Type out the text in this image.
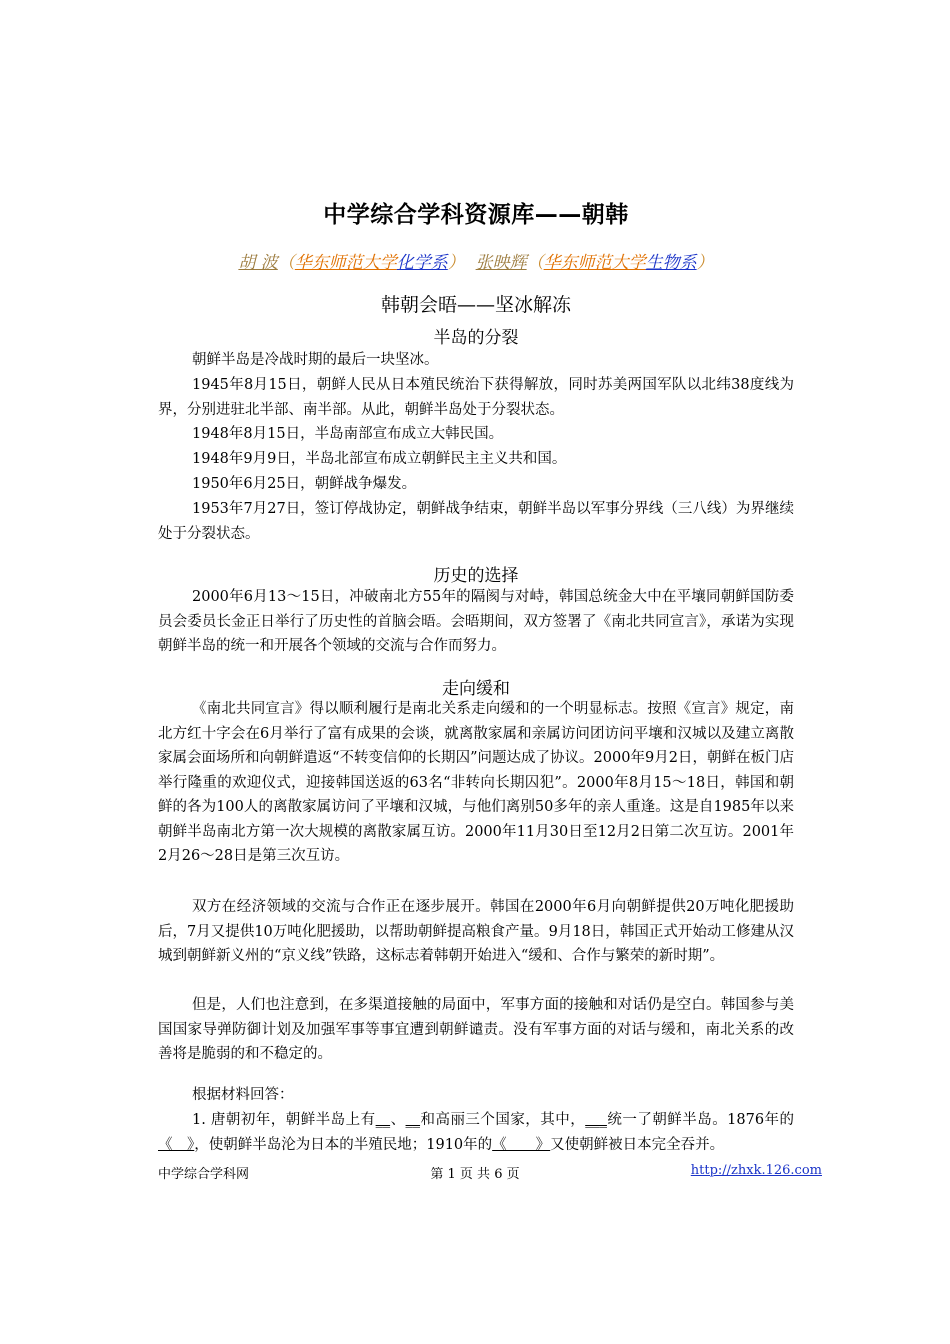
中学综合学科资源库——朝韩
胡 波（华东师范大学化学系） 张映辉（华东师范大学生物系）
韩朝会晤——坚冰解冻
半岛的分裂
朝鲜半岛是冷战时期的最后一块坚冰。
1945年8月15日，朝鲜人民从日本殖民统治下获得解放，同时苏美两国军队以北纬38度线为界，分别进驻北半部、南半部。从此，朝鲜半岛处于分裂状态。
1948年8月15日，半岛南部宣布成立大韩民国。
1948年9月9日，半岛北部宣布成立朝鲜民主主义共和国。
1950年6月25日，朝鲜战争爆发。
1953年7月27日，签订停战协定，朝鲜战争结束，朝鲜半岛以军事分界线（三八线）为界继续处于分裂状态。
历史的选择
2000年6月13～15日，冲破南北方55年的隔阂与对峙，韩国总统金大中在平壤同朝鲜国防委员会委员长金正日举行了历史性的首脑会晤。会晤期间，双方签署了《南北共同宣言》，承诺为实现朝鲜半岛的统一和开展各个领域的交流与合作而努力。
走向缓和
《南北共同宣言》得以顺利履行是南北关系走向缓和的一个明显标志。按照《宣言》规定，南北方红十字会在6月举行了富有成果的会谈，就离散家属和亲属访问团访问平壤和汉城以及建立离散家属会面场所和向朝鲜遣返“不转变信仰的长期囚”问题达成了协议。2000年9月2日，朝鲜在板门店举行隆重的欢迎仪式，迎接韩国送返的63名“非转向长期囚犯”。2000年8月15～18日，韩国和朝鲜的各为100人的离散家属访问了平壤和汉城，与他们离别50多年的亲人重逢。这是自1985年以来朝鲜半岛南北方第一次大规模的离散家属互访。2000年11月30日至12月2日第二次互访。2001年2月26～28日是第三次互访。
双方在经济领域的交流与合作正在逐步展开。韩国在2000年6月向朝鲜提供20万吨化肥援助后，7月又提供10万吨化肥援助，以帮助朝鲜提高粮食产量。9月18日，韩国正式开始动工修建从汉城到朝鲜新义州的“京义线”铁路，这标志着韩朝开始进入“缓和、合作与繁荣的新时期”。
但是，人们也注意到，在多渠道接触的局面中，军事方面的接触和对话仍是空白。韩国参与美国国家导弹防御计划及加强军事等事宜遭到朝鲜谴责。没有军事方面的对话与缓和，南北关系的改善将是脆弱的和不稳定的。
根据材料回答：
1. 唐朝初年，朝鲜半岛上有__、__和高丽三个国家，其中，___统一了朝鲜半岛。1876年的《　》，使朝鲜半岛沦为日本的半殖民地；1910年的《　　》又使朝鲜被日本完全吞并。
第 1 页 共 6 页
中学综合学科网	http://zhxk.126.com
